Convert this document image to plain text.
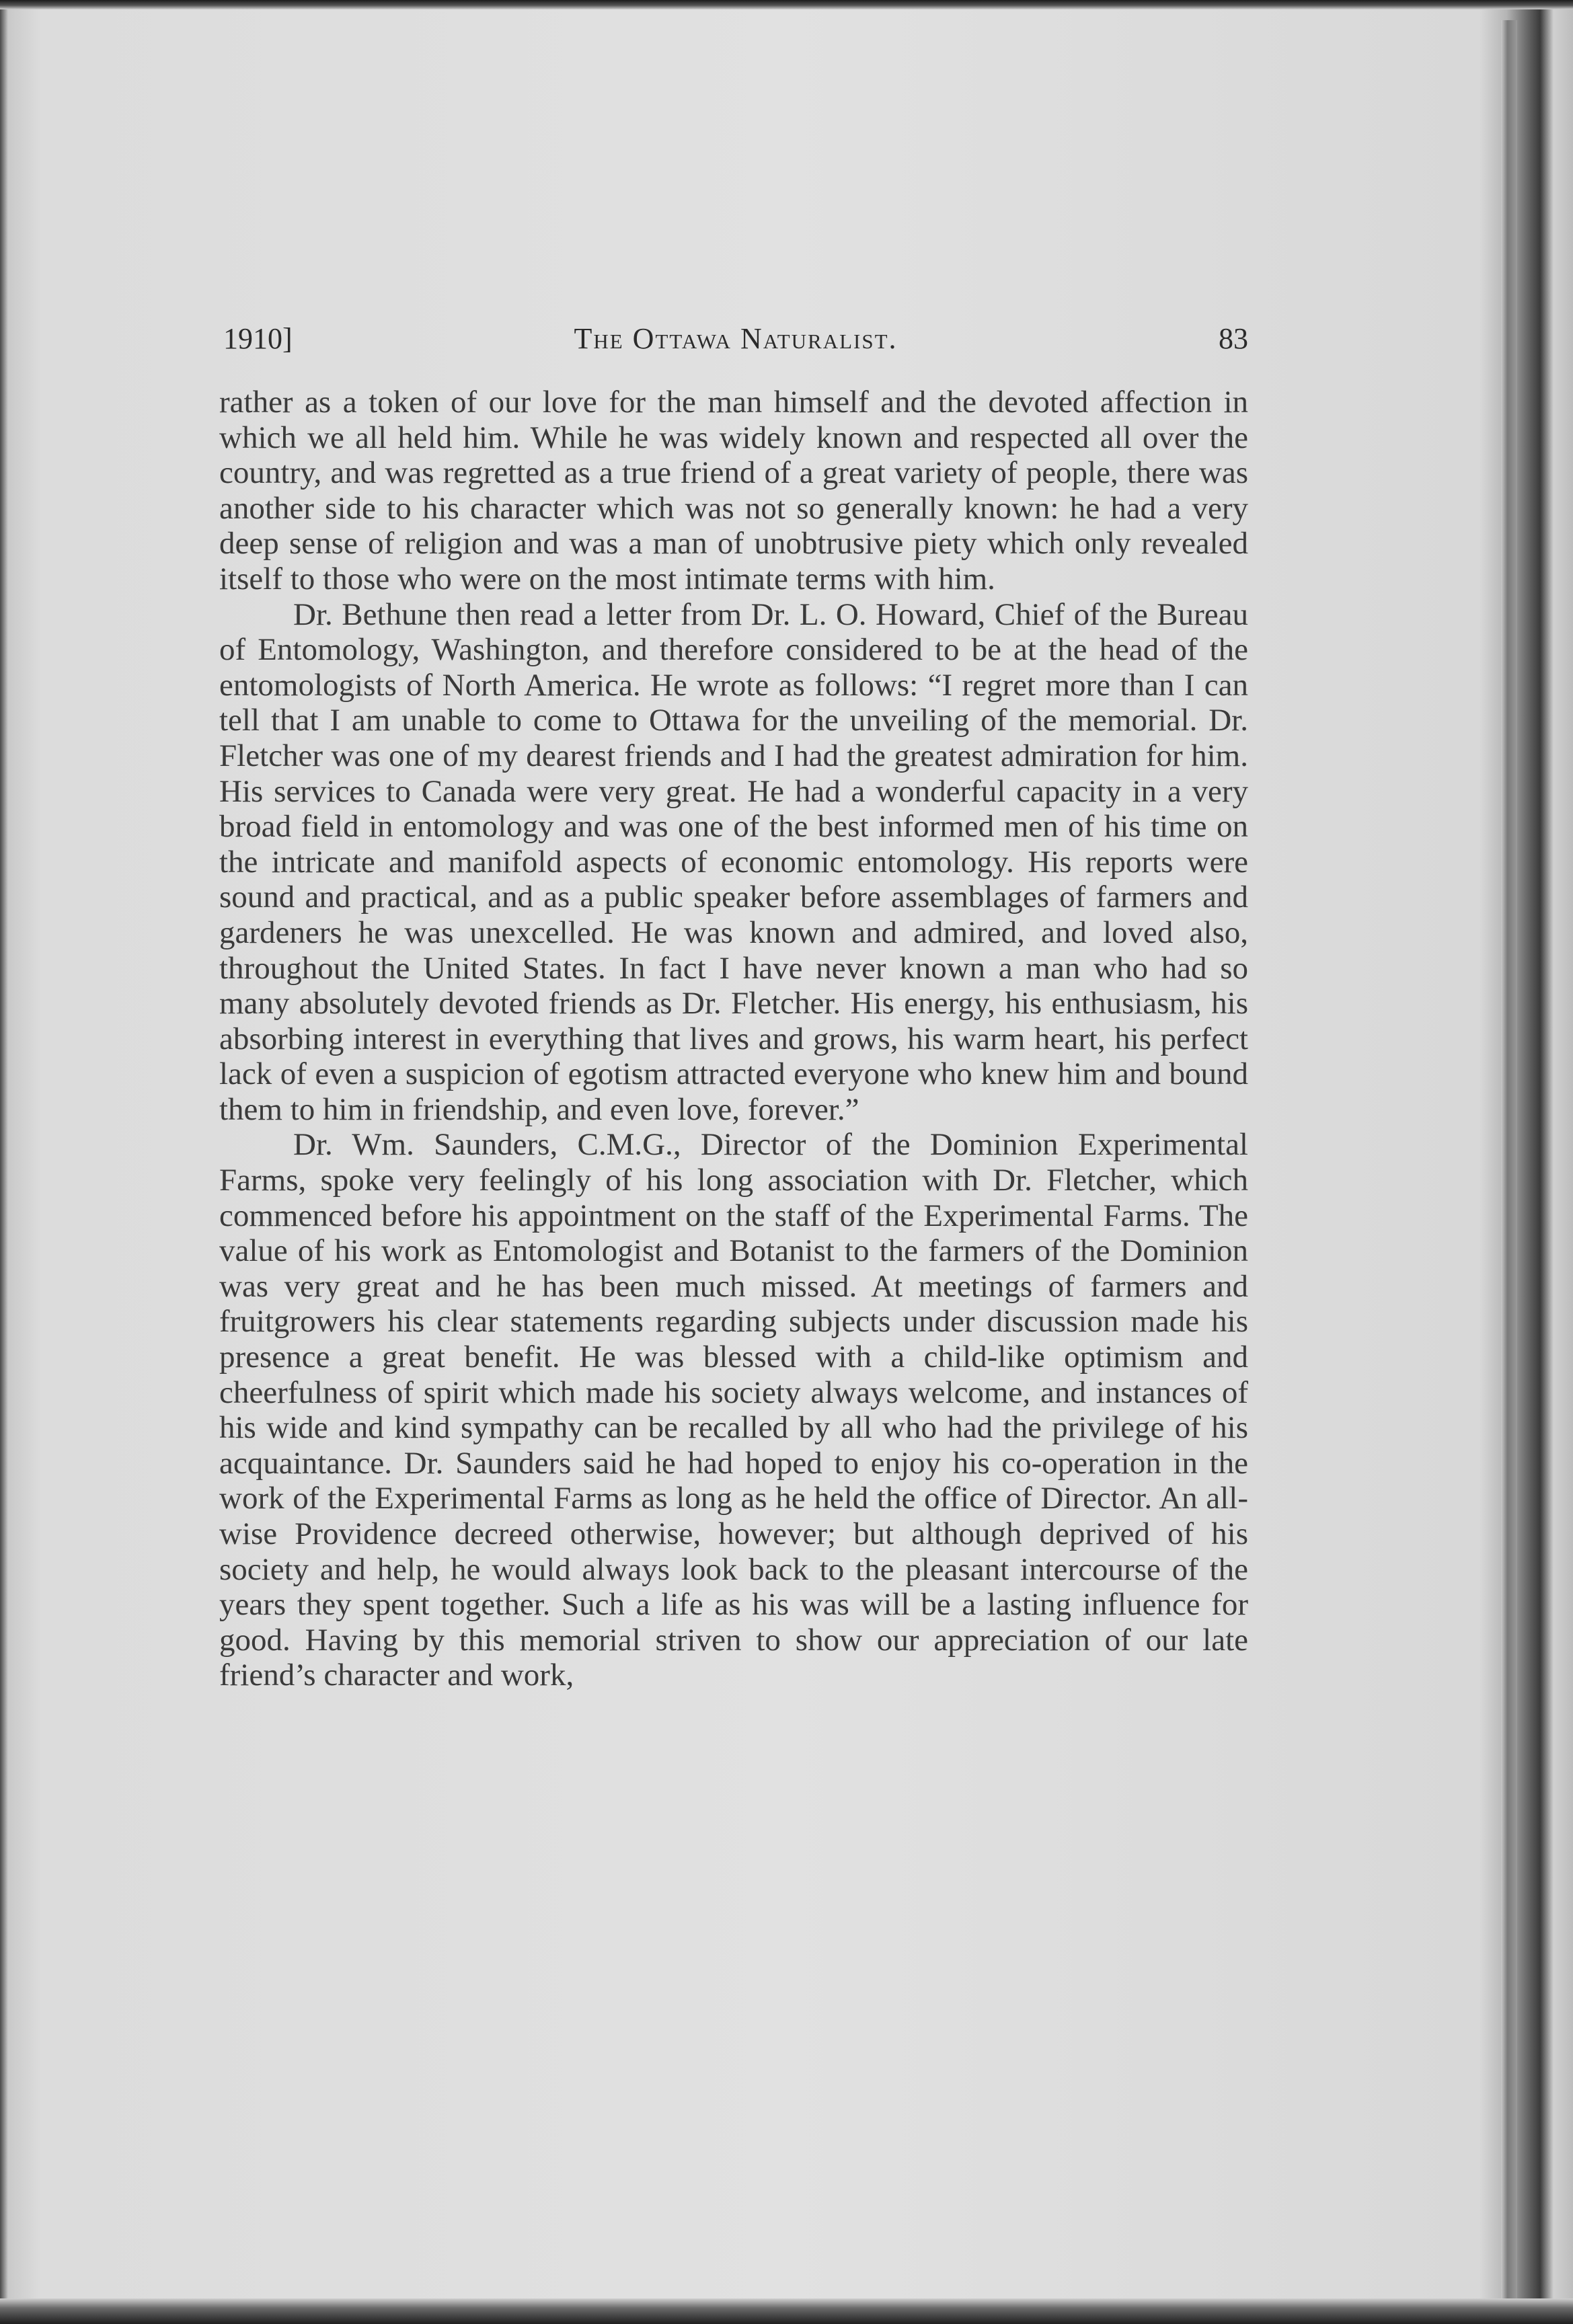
1910]	The Ottawa Naturalist.	83

rather as a token of our love for the man himself and the devoted affection in which we all held him. While he was widely known and respected all over the country, and was regretted as a true friend of a great variety of people, there was another side to his character which was not so generally known: he had a very deep sense of religion and was a man of unobtrusive piety which only revealed itself to those who were on the most intimate terms with him.

Dr. Bethune then read a letter from Dr. L. O. Howard, Chief of the Bureau of Entomology, Washington, and therefore considered to be at the head of the entomologists of North America. He wrote as follows: “I regret more than I can tell that I am unable to come to Ottawa for the unveiling of the memorial. Dr. Fletcher was one of my dearest friends and I had the greatest admiration for him. His services to Canada were very great. He had a wonderful capacity in a very broad field in entomology and was one of the best informed men of his time on the intricate and manifold aspects of economic entomology. His reports were sound and practical, and as a public speaker before assemblages of farmers and gardeners he was unexcelled. He was known and admired, and loved also, throughout the United States. In fact I have never known a man who had so many absolutely devoted friends as Dr. Fletcher. His energy, his enthusiasm, his absorbing interest in everything that lives and grows, his warm heart, his perfect lack of even a suspicion of egotism attracted everyone who knew him and bound them to him in friendship, and even love, forever.”

Dr. Wm. Saunders, C.M.G., Director of the Dominion Experimental Farms, spoke very feelingly of his long association with Dr. Fletcher, which commenced before his appointment on the staff of the Experimental Farms. The value of his work as Entomologist and Botanist to the farmers of the Dominion was very great and he has been much missed. At meetings of farmers and fruitgrowers his clear statements regarding subjects under discussion made his presence a great benefit. He was blessed with a child-like optimism and cheerfulness of spirit which made his society always welcome, and instances of his wide and kind sympathy can be recalled by all who had the privilege of his acquaintance. Dr. Saunders said he had hoped to enjoy his co-operation in the work of the Experimental Farms as long as he held the office of Director. An all-wise Providence decreed otherwise, however; but although deprived of his society and help, he would always look back to the pleasant intercourse of the years they spent together. Such a life as his was will be a lasting influence for good. Having by this memorial striven to show our appreciation of our late friend’s character and work,
